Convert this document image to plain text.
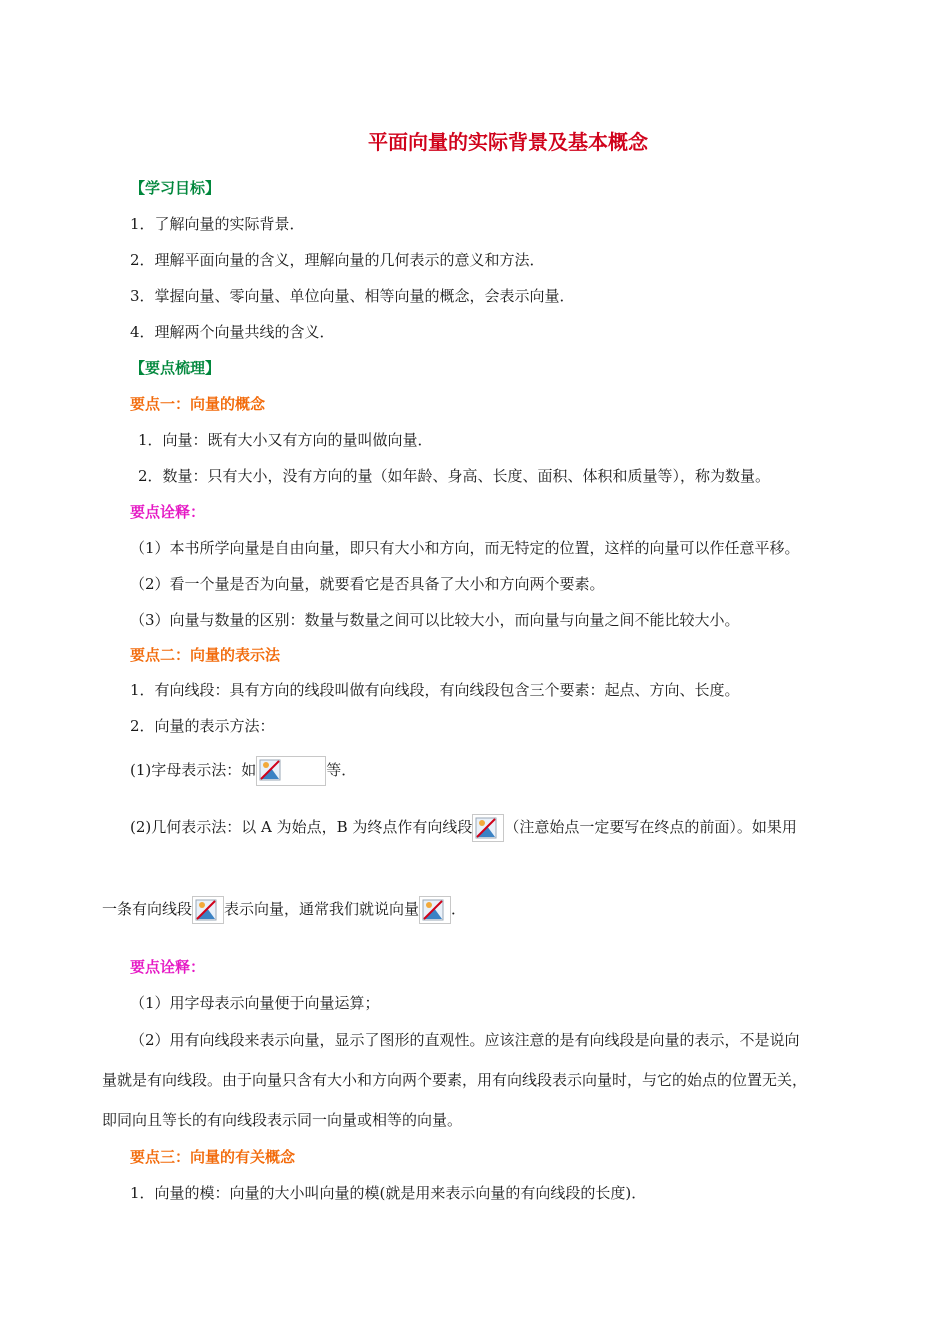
平面向量的实际背景及基本概念
【学习目标】
1．了解向量的实际背景．
2．理解平面向量的含义，理解向量的几何表示的意义和方法．
3．掌握向量、零向量、单位向量、相等向量的概念，会表示向量．
4．理解两个向量共线的含义．
【要点梳理】
要点一：向量的概念
1．向量：既有大小又有方向的量叫做向量．
2．数量：只有大小，没有方向的量（如年龄、身高、长度、面积、体积和质量等），称为数量。
要点诠释：
（1）本书所学向量是自由向量，即只有大小和方向，而无特定的位置，这样的向量可以作任意平移。
（2）看一个量是否为向量，就要看它是否具备了大小和方向两个要素。
（3）向量与数量的区别：数量与数量之间可以比较大小，而向量与向量之间不能比较大小。
要点二：向量的表示法
1．有向线段：具有方向的线段叫做有向线段，有向线段包含三个要素：起点、方向、长度。
2．向量的表示方法：
(1)字母表示法：如	等．
(2)几何表示法：以 A 为始点，B 为终点作有向线段 （注意始点一定要写在终点的前面）。如果用
一条有向线段 表示向量，通常我们就说向量 ．
要点诠释：
（1）用字母表示向量便于向量运算；
（2）用有向线段来表示向量，显示了图形的直观性。应该注意的是有向线段是向量的表示，不是说向
量就是有向线段。由于向量只含有大小和方向两个要素，用有向线段表示向量时，与它的始点的位置无关，
即同向且等长的有向线段表示同一向量或相等的向量。
要点三：向量的有关概念
1．向量的模：向量的大小叫向量的模(就是用来表示向量的有向线段的长度)．
